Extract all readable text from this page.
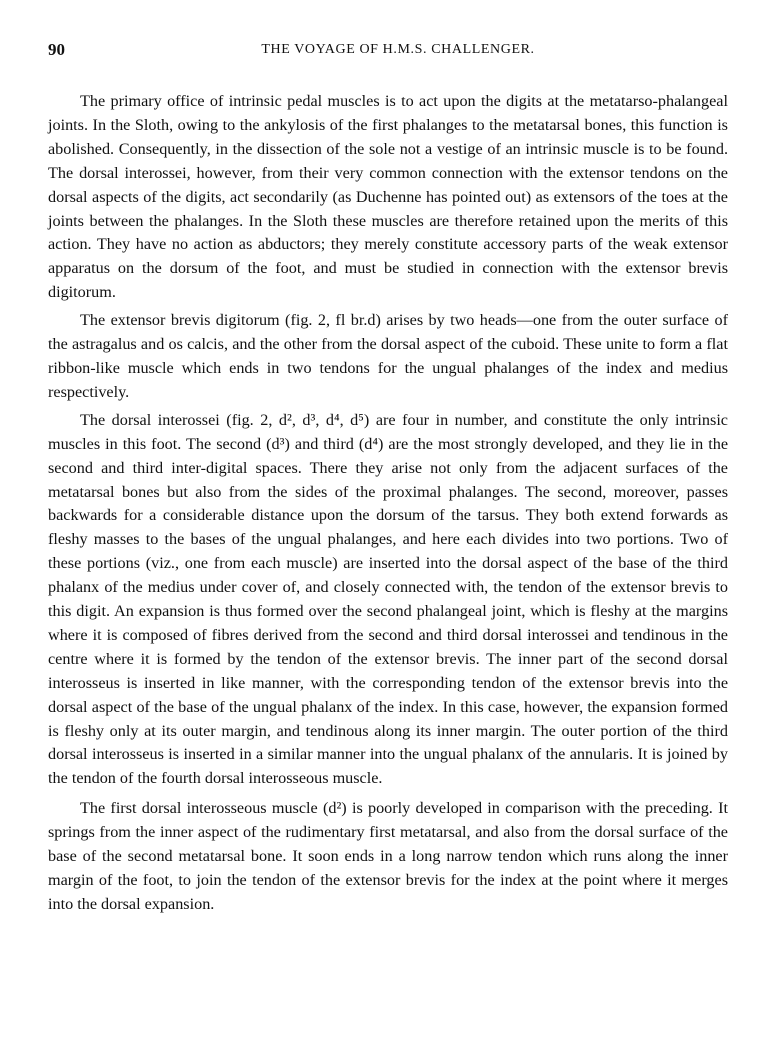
90	THE VOYAGE OF H.M.S. CHALLENGER.

The primary office of intrinsic pedal muscles is to act upon the digits at the metatarso-phalangeal joints. In the Sloth, owing to the ankylosis of the first phalanges to the metatarsal bones, this function is abolished. Consequently, in the dissection of the sole not a vestige of an intrinsic muscle is to be found. The dorsal interossei, however, from their very common connection with the extensor tendons on the dorsal aspects of the digits, act secondarily (as Duchenne has pointed out) as extensors of the toes at the joints between the phalanges. In the Sloth these muscles are therefore retained upon the merits of this action. They have no action as abductors; they merely constitute accessory parts of the weak extensor apparatus on the dorsum of the foot, and must be studied in connection with the extensor brevis digitorum.

The extensor brevis digitorum (fig. 2, fl br.d) arises by two heads—one from the outer surface of the astragalus and os calcis, and the other from the dorsal aspect of the cuboid. These unite to form a flat ribbon-like muscle which ends in two tendons for the ungual phalanges of the index and medius respectively.

The dorsal interossei (fig. 2, d², d³, d⁴, d⁵) are four in number, and constitute the only intrinsic muscles in this foot. The second (d³) and third (d⁴) are the most strongly developed, and they lie in the second and third inter-digital spaces. There they arise not only from the adjacent surfaces of the metatarsal bones but also from the sides of the proximal phalanges. The second, moreover, passes backwards for a considerable distance upon the dorsum of the tarsus. They both extend forwards as fleshy masses to the bases of the ungual phalanges, and here each divides into two portions. Two of these portions (viz., one from each muscle) are inserted into the dorsal aspect of the base of the third phalanx of the medius under cover of, and closely connected with, the tendon of the extensor brevis to this digit. An expansion is thus formed over the second phalangeal joint, which is fleshy at the margins where it is composed of fibres derived from the second and third dorsal interossei and tendinous in the centre where it is formed by the tendon of the extensor brevis. The inner part of the second dorsal interosseus is inserted in like manner, with the corresponding tendon of the extensor brevis into the dorsal aspect of the base of the ungual phalanx of the index. In this case, however, the expansion formed is fleshy only at its outer margin, and tendinous along its inner margin. The outer portion of the third dorsal interosseus is inserted in a similar manner into the ungual phalanx of the annularis. It is joined by the tendon of the fourth dorsal interosseous muscle.

The first dorsal interosseous muscle (d²) is poorly developed in comparison with the preceding. It springs from the inner aspect of the rudimentary first metatarsal, and also from the dorsal surface of the base of the second metatarsal bone. It soon ends in a long narrow tendon which runs along the inner margin of the foot, to join the tendon of the extensor brevis for the index at the point where it merges into the dorsal expansion.
